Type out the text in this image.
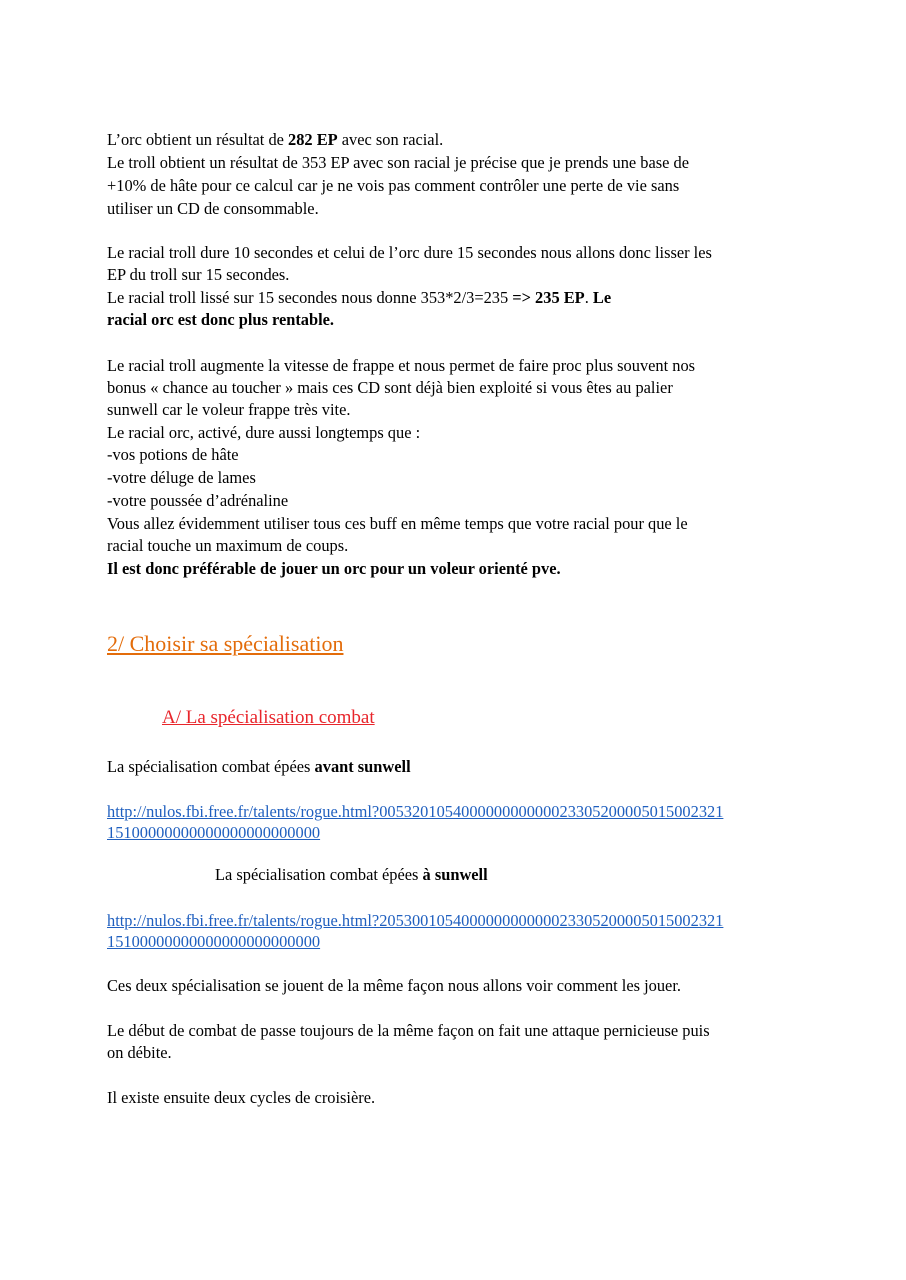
L’orc obtient un résultat de 282 EP avec son racial.
Le troll obtient un résultat de 353 EP avec son racial je précise que je prends une base de
+10% de hâte pour ce calcul car je ne vois pas comment contrôler une perte de vie sans
utiliser un CD de consommable.
Le racial troll dure 10 secondes et celui de l’orc dure 15 secondes nous allons donc lisser les
EP du troll sur 15 secondes.
Le racial troll lissé sur 15 secondes nous donne 353*2/3=235 => 235 EP. Le
racial orc est donc plus rentable.
Le racial troll augmente la vitesse de frappe et nous permet de faire proc plus souvent nos
bonus « chance au toucher » mais ces CD sont déjà bien exploité si vous êtes au palier
sunwell car le voleur frappe très vite.
Le racial orc, activé, dure aussi longtemps que :
-vos potions de hâte
-votre déluge de lames
-votre poussée d’adrénaline
Vous allez évidemment utiliser tous ces buff en même temps que votre racial pour que le
racial touche un maximum de coups.
Il est donc préférable de jouer un orc pour un voleur orienté pve.
2/ Choisir sa spécialisation
A/ La spécialisation combat
La spécialisation combat épées avant sunwell
http://nulos.fbi.free.fr/talents/rogue.html?005320105400000000000023305200005015002321
15100000000000000000000000
La spécialisation combat épées à sunwell
http://nulos.fbi.free.fr/talents/rogue.html?205300105400000000000023305200005015002321
15100000000000000000000000
Ces deux spécialisation se jouent de la même façon nous allons voir comment les jouer.
Le début de combat de passe toujours de la même façon on fait une attaque pernicieuse puis
on débite.
Il existe ensuite deux cycles de croisière.
